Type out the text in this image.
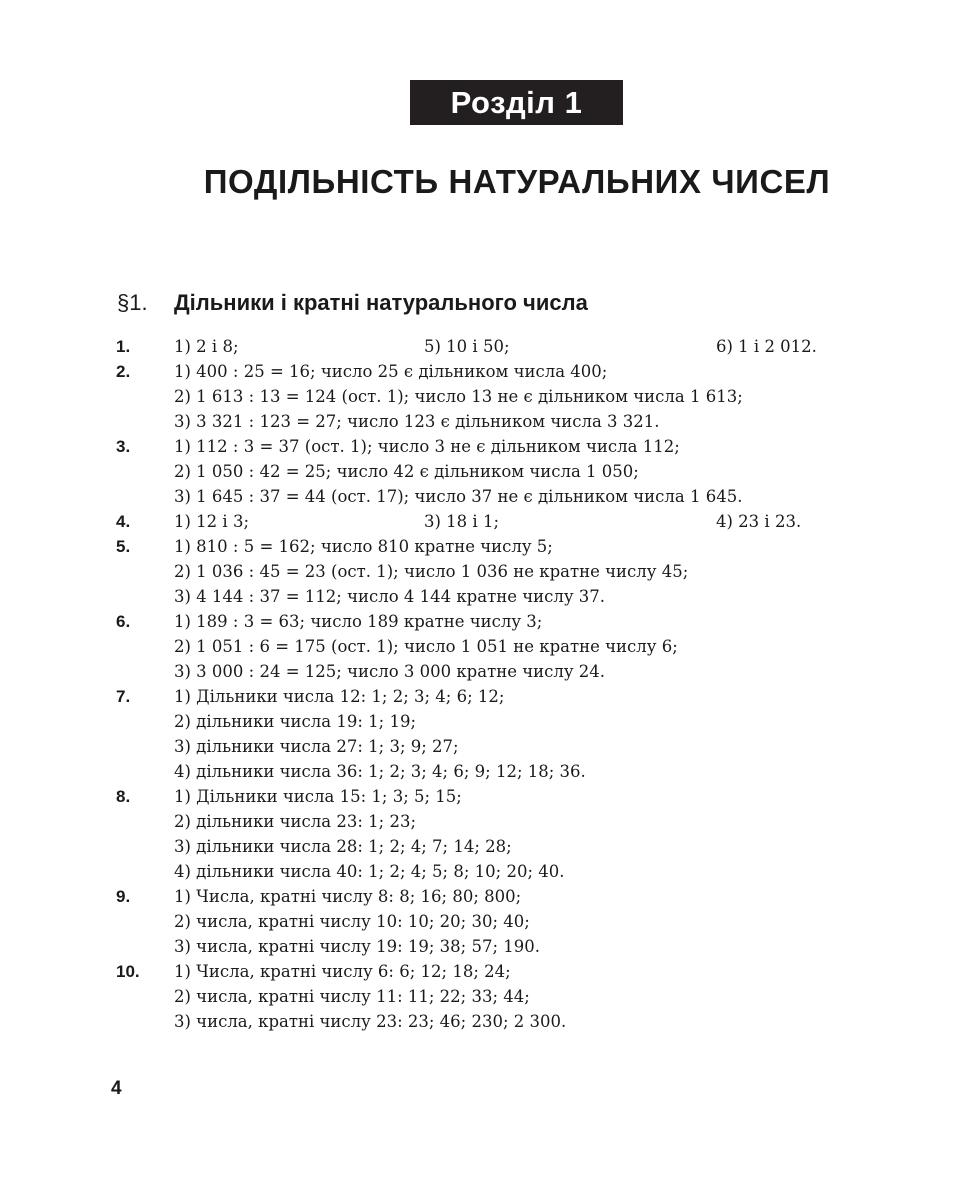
Розділ 1
ПОДІЛЬНІСТЬ НАТУРАЛЬНИХ ЧИСЕЛ
§1. Дільники і кратні натурального числа
1.	1) 2 і 8;	5) 10 і 50;	6) 1 і 2 012.
2.	1) 400 : 25 = 16; число 25 є дільником числа 400;
2) 1 613 : 13 = 124 (ост. 1); число 13 не є дільником числа 1 613;
3) 3 321 : 123 = 27; число 123 є дільником числа 3 321.
3.	1) 112 : 3 = 37 (ост. 1); число 3 не є дільником числа 112;
2) 1 050 : 42 = 25; число 42 є дільником числа 1 050;
3) 1 645 : 37 = 44 (ост. 17); число 37 не є дільником числа 1 645.
4.	1) 12 і 3;	3) 18 і 1;	4) 23 і 23.
5.	1) 810 : 5 = 162; число 810 кратне числу 5;
2) 1 036 : 45 = 23 (ост. 1); число 1 036 не кратне числу 45;
3) 4 144 : 37 = 112; число 4 144 кратне числу 37.
6.	1) 189 : 3 = 63; число 189 кратне числу 3;
2) 1 051 : 6 = 175 (ост. 1); число 1 051 не кратне числу 6;
3) 3 000 : 24 = 125; число 3 000 кратне числу 24.
7.	1) Дільники числа 12: 1; 2; 3; 4; 6; 12;
2) дільники числа 19: 1; 19;
3) дільники числа 27: 1; 3; 9; 27;
4) дільники числа 36: 1; 2; 3; 4; 6; 9; 12; 18; 36.
8.	1) Дільники числа 15: 1; 3; 5; 15;
2) дільники числа 23: 1; 23;
3) дільники числа 28: 1; 2; 4; 7; 14; 28;
4) дільники числа 40: 1; 2; 4; 5; 8; 10; 20; 40.
9.	1) Числа, кратні числу 8: 8; 16; 80; 800;
2) числа, кратні числу 10: 10; 20; 30; 40;
3) числа, кратні числу 19: 19; 38; 57; 190.
10.	1) Числа, кратні числу 6: 6; 12; 18; 24;
2) числа, кратні числу 11: 11; 22; 33; 44;
3) числа, кратні числу 23: 23; 46; 230; 2 300.
4
